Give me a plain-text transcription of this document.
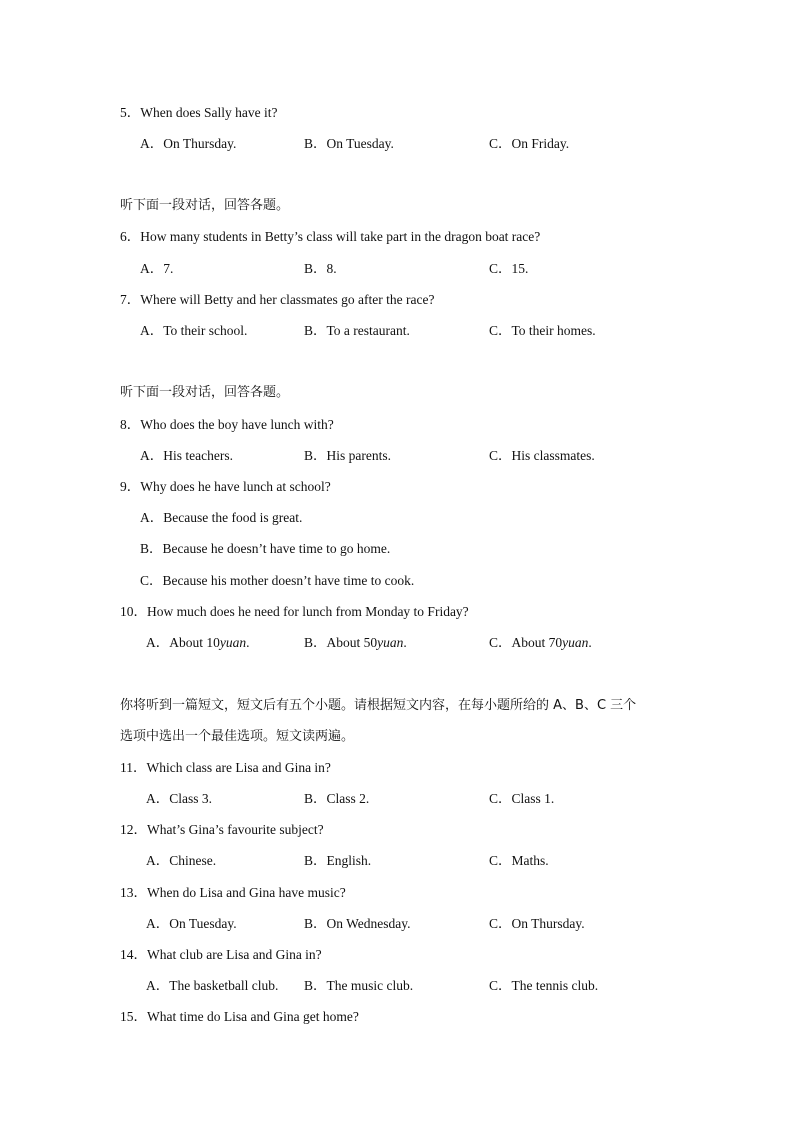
5．When does Sally have it?
A．On Thursday.	B．On Tuesday.	C．On Friday.
听下面一段对话，回答各题。
6．How many students in Betty’s class will take part in the dragon boat race?
A．7.	B．8.	C．15.
7．Where will Betty and her classmates go after the race?
A．To their school.	B．To a restaurant.	C．To their homes.
听下面一段对话，回答各题。
8．Who does the boy have lunch with?
A．His teachers.	B．His parents.	C．His classmates.
9．Why does he have lunch at school?
A．Because the food is great.
B．Because he doesn’t have time to go home.
C．Because his mother doesn’t have time to cook.
10．How much does he need for lunch from Monday to Friday?
A．About 10yuan.	B．About 50yuan.	C．About 70yuan.
你将听到一篇短文，短文后有五个小题。请根据短文内容，在每小题所给的 A、B、C 三个
选项中选出一个最佳选项。短文读两遍。
11．Which class are Lisa and Gina in?
A．Class 3.	B．Class 2.	C．Class 1.
12．What’s Gina’s favourite subject?
A．Chinese.	B．English.	C．Maths.
13．When do Lisa and Gina have music?
A．On Tuesday.	B．On Wednesday.	C．On Thursday.
14．What club are Lisa and Gina in?
A．The basketball club. B．The music club.	C．The tennis club.
15．What time do Lisa and Gina get home?
